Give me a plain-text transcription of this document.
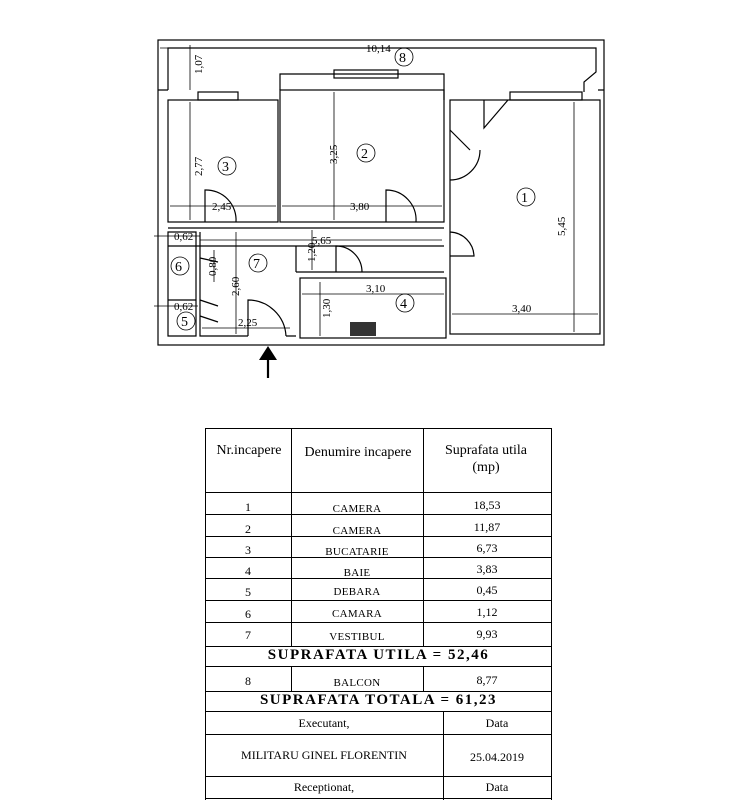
10,14
1,07
2,77
2,45
3,25
3,80
5,45
0,62
1,20
5,65
0,80
2,60	3,10
1,30	3,40
0,62
2,25
1
2
3
4
5
6	7
8
Nr.incapere	Denumire incapere	Suprafata utila (mp)
1	CAMERA	18,53
2	CAMERA	11,87
3	BUCATARIE	6,73
4	BAIE	3,83
5	DEBARA	0,45
6	CAMARA	1,12
7	VESTIBUL	9,93
SUPRAFATA UTILA = 52,46
8	BALCON	8,77
SUPRAFATA TOTALA = 61,23
Executant,	Data
MILITARU GINEL FLORENTIN	25.04.2019
Receptionat,	Data
